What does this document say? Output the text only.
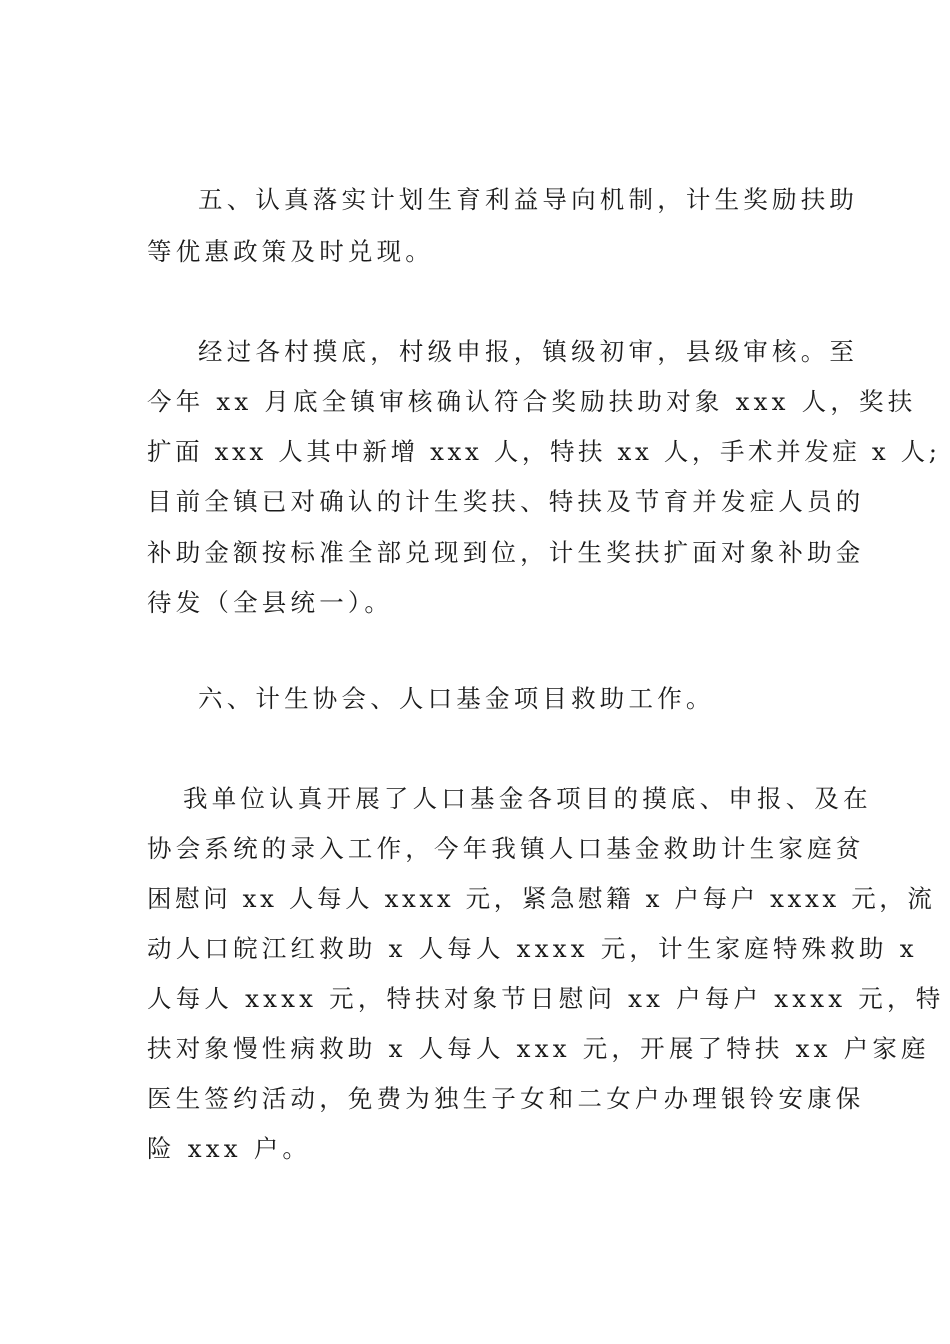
五、认真落实计划生育利益导向机制，计生奖励扶助
等优惠政策及时兑现。
经过各村摸底，村级申报，镇级初审，县级审核。至
今年 xx 月底全镇审核确认符合奖励扶助对象 xxx 人，奖扶
扩面 xxx 人其中新增 xxx 人，特扶 xx 人，手术并发症 x 人;
目前全镇已对确认的计生奖扶、特扶及节育并发症人员的
补助金额按标准全部兑现到位，计生奖扶扩面对象补助金
待发（全县统一）。
六、计生协会、人口基金项目救助工作。
我单位认真开展了人口基金各项目的摸底、申报、及在
协会系统的录入工作，今年我镇人口基金救助计生家庭贫
困慰问 xx 人每人 xxxx 元，紧急慰籍 x 户每户 xxxx 元，流
动人口皖江红救助 x 人每人 xxxx 元，计生家庭特殊救助 x
人每人 xxxx 元，特扶对象节日慰问 xx 户每户 xxxx 元，特
扶对象慢性病救助 x 人每人 xxx 元，开展了特扶 xx 户家庭
医生签约活动，免费为独生子女和二女户办理银铃安康保
险 xxx 户。
